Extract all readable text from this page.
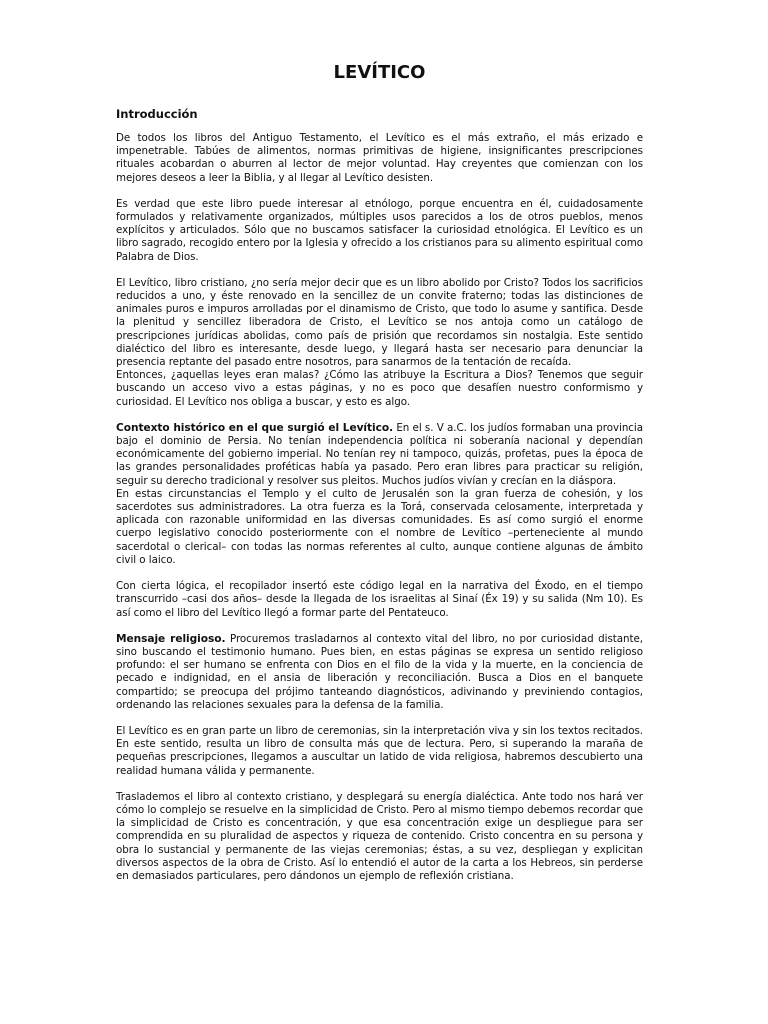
LEVÍTICO
Introducción

De todos los libros del Antiguo Testamento, el Levítico es el más extraño, el más erizado e impenetrable. Tabúes de alimentos, normas primitivas de higiene, insignificantes prescripciones rituales acobardan o aburren al lector de mejor voluntad. Hay creyentes que comienzan con los mejores deseos a leer la Biblia, y al llegar al Levítico desisten.

Es verdad que este libro puede interesar al etnólogo, porque encuentra en él, cuidadosamente formulados y relativamente organizados, múltiples usos parecidos a los de otros pueblos, menos explícitos y articulados. Sólo que no buscamos satisfacer la curiosidad etnológica. El Levítico es un libro sagrado, recogido entero por la Iglesia y ofrecido a los cristianos para su alimento espiritual como Palabra de Dios.

El Levítico, libro cristiano, ¿no sería mejor decir que es un libro abolido por Cristo? Todos los sacrificios reducidos a uno, y éste renovado en la sencillez de un convite fraterno; todas las distinciones de animales puros e impuros arrolladas por el dinamismo de Cristo, que todo lo asume y santifica. Desde la plenitud y sencillez liberadora de Cristo, el Levítico se nos antoja como un catálogo de prescripciones jurídicas abolidas, como país de prisión que recordamos sin nostalgia. Este sentido dialéctico del libro es interesante, desde luego, y llegará hasta ser necesario para denunciar la presencia reptante del pasado entre nosotros, para sanarmos de la tentación de recaída.

Entonces, ¿aquellas leyes eran malas? ¿Cómo las atribuye la Escritura a Dios? Tenemos que seguir buscando un acceso vivo a estas páginas, y no es poco que desafíen nuestro conformismo y curiosidad. El Levítico nos obliga a buscar, y esto es algo.

Contexto histórico en el que surgió el Levítico. En el s. V a.C. los judíos formaban una provincia bajo el dominio de Persia. No tenían independencia política ni soberanía nacional y dependían económicamente del gobierno imperial. No tenían rey ni tampoco, quizás, profetas, pues la época de las grandes personalidades proféticas había ya pasado. Pero eran libres para practicar su religión, seguir su derecho tradicional y resolver sus pleitos. Muchos judíos vivían y crecían en la diáspora.

En estas circunstancias el Templo y el culto de Jerusalén son la gran fuerza de cohesión, y los sacerdotes sus administradores. La otra fuerza es la Torá, conservada celosamente, interpretada y aplicada con razonable uniformidad en las diversas comunidades. Es así como surgió el enorme cuerpo legislativo conocido posteriormente con el nombre de Levítico –perteneciente al mundo sacerdotal o clerical– con todas las normas referentes al culto, aunque contiene algunas de ámbito civil o laico.

Con cierta lógica, el recopilador insertó este código legal en la narrativa del Éxodo, en el tiempo transcurrido –casi dos años– desde la llegada de los israelitas al Sinaí (Éx 19) y su salida (Nm 10). Es así como el libro del Levítico llegó a formar parte del Pentateuco.

Mensaje religioso. Procuremos trasladarnos al contexto vital del libro, no por curiosidad distante, sino buscando el testimonio humano. Pues bien, en estas páginas se expresa un sentido religioso profundo: el ser humano se enfrenta con Dios en el filo de la vida y la muerte, en la conciencia de pecado e indignidad, en el ansia de liberación y reconciliación. Busca a Dios en el banquete compartido; se preocupa del prójimo tanteando diagnósticos, adivinando y previniendo contagios, ordenando las relaciones sexuales para la defensa de la familia.

El Levítico es en gran parte un libro de ceremonias, sin la interpretación viva y sin los textos recitados. En este sentido, resulta un libro de consulta más que de lectura. Pero, si superando la maraña de pequeñas prescripciones, llegamos a auscultar un latido de vida religiosa, habremos descubierto una realidad humana válida y permanente.

Traslademos el libro al contexto cristiano, y desplegará su energía dialéctica. Ante todo nos hará ver cómo lo complejo se resuelve en la simplicidad de Cristo. Pero al mismo tiempo debemos recordar que la simplicidad de Cristo es concentración, y que esa concentración exige un despliegue para ser comprendida en su pluralidad de aspectos y riqueza de contenido. Cristo concentra en su persona y obra lo sustancial y permanente de las viejas ceremonias; éstas, a su vez, despliegan y explicitan diversos aspectos de la obra de Cristo. Así lo entendió el autor de la carta a los Hebreos, sin perderse en demasiados particulares, pero dándonos un ejemplo de reflexión cristiana.
